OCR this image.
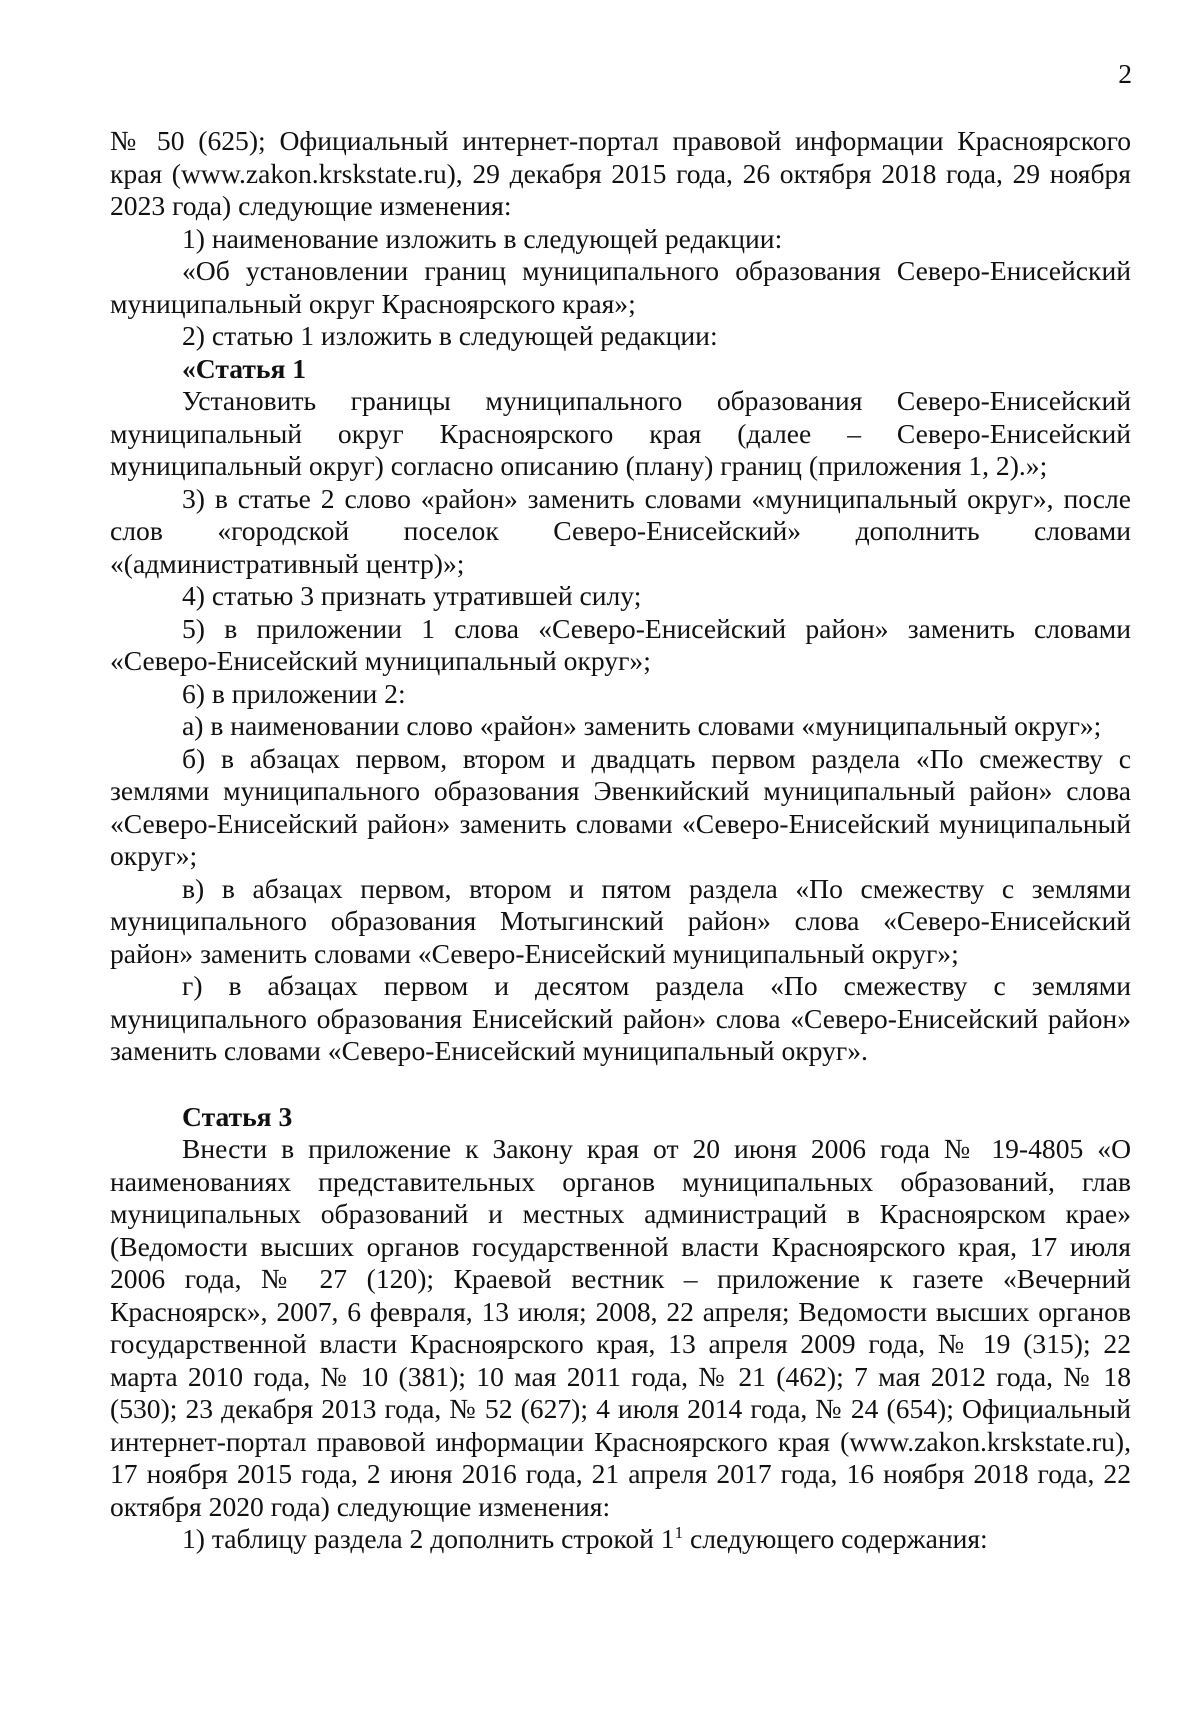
2

№ 50 (625); Официальный интернет-портал правовой информации Красноярского края (www.zakon.krskstate.ru), 29 декабря 2015 года, 26 октября 2018 года, 29 ноября 2023 года) следующие изменения:

1) наименование изложить в следующей редакции:

«Об установлении границ муниципального образования Северо-Енисейский муниципальный округ Красноярского края»;

2) статью 1 изложить в следующей редакции:

«Статья 1

Установить границы муниципального образования Северо-Енисейский муниципальный округ Красноярского края (далее – Северо-Енисейский муниципальный округ) согласно описанию (плану) границ (приложения 1, 2).»;

3) в статье 2 слово «район» заменить словами «муниципальный округ», после слов «городской поселок Северо-Енисейский» дополнить словами «(административный центр)»;

4) статью 3 признать утратившей силу;

5) в приложении 1 слова «Северо-Енисейский район» заменить словами «Северо-Енисейский муниципальный округ»;

6) в приложении 2:

а) в наименовании слово «район» заменить словами «муниципальный округ»;

б) в абзацах первом, втором и двадцать первом раздела «По смежеству с землями муниципального образования Эвенкийский муниципальный район» слова «Северо-Енисейский район» заменить словами «Северо-Енисейский муниципальный округ»;

в) в абзацах первом, втором и пятом раздела «По смежеству с землями муниципального образования Мотыгинский район» слова «Северо-Енисейский район» заменить словами «Северо-Енисейский муниципальный округ»;

г) в абзацах первом и десятом раздела «По смежеству с землями муниципального образования Енисейский район» слова «Северо-Енисейский район» заменить словами «Северо-Енисейский муниципальный округ».

Статья 3

Внести в приложение к Закону края от 20 июня 2006 года № 19-4805 «О наименованиях представительных органов муниципальных образований, глав муниципальных образований и местных администраций в Красноярском крае» (Ведомости высших органов государственной власти Красноярского края, 17 июля 2006 года, № 27 (120); Краевой вестник – приложение к газете «Вечерний Красноярск», 2007, 6 февраля, 13 июля; 2008, 22 апреля; Ведомости высших органов государственной власти Красноярского края, 13 апреля 2009 года, № 19 (315); 22 марта 2010 года, № 10 (381); 10 мая 2011 года, № 21 (462); 7 мая 2012 года, № 18 (530); 23 декабря 2013 года, № 52 (627); 4 июля 2014 года, № 24 (654); Официальный интернет-портал правовой информации Красноярского края (www.zakon.krskstate.ru), 17 ноября 2015 года, 2 июня 2016 года, 21 апреля 2017 года, 16 ноября 2018 года, 22 октября 2020 года) следующие изменения:

1) таблицу раздела 2 дополнить строкой $1^1$ следующего содержания:
